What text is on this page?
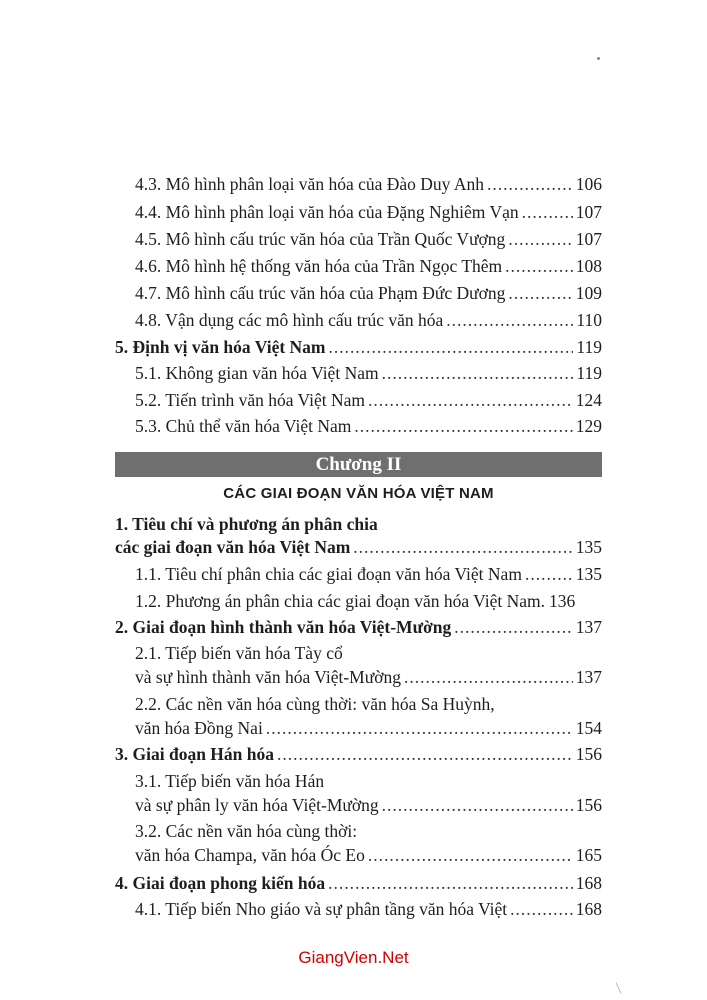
4.3. Mô hình phân loại văn hóa của Đào Duy Anh .....	106
4.4. Mô hình phân loại văn hóa của Đặng Nghiêm Vạn .....	107
4.5. Mô hình cấu trúc văn hóa của Trần Quốc Vượng .....	107
4.6. Mô hình hệ thống văn hóa của Trần Ngọc Thêm .....	108
4.7. Mô hình cấu trúc văn hóa của Phạm Đức Dương .....	109
4.8. Vận dụng các mô hình cấu trúc văn hóa .....	110
5. Định vị văn hóa Việt Nam .....	119
5.1. Không gian văn hóa Việt Nam .....	119
5.2. Tiến trình văn hóa Việt Nam .....	124
5.3. Chủ thể văn hóa Việt Nam .....	129
Chương II
CÁC GIAI ĐOẠN VĂN HÓA VIỆT NAM
1. Tiêu chí và phương án phân chia
các giai đoạn văn hóa Việt Nam .....	135
1.1. Tiêu chí phân chia các giai đoạn văn hóa Việt Nam .....	135
1.2. Phương án phân chia các giai đoạn văn hóa Việt Nam. 136
2. Giai đoạn hình thành văn hóa Việt-Mường .....	137
2.1. Tiếp biến văn hóa Tày cổ
và sự hình thành văn hóa Việt-Mường .....	137
2.2. Các nền văn hóa cùng thời: văn hóa Sa Huỳnh,
văn hóa Đồng Nai .....	154
3. Giai đoạn Hán hóa .....	156
3.1. Tiếp biến văn hóa Hán
và sự phân ly văn hóa Việt-Mường .....	156
3.2. Các nền văn hóa cùng thời:
văn hóa Champa, văn hóa Óc Eo .....	165
4. Giai đoạn phong kiến hóa .....	168
4.1. Tiếp biến Nho giáo và sự phân tầng văn hóa Việt .....	168
GiangVien.Net
